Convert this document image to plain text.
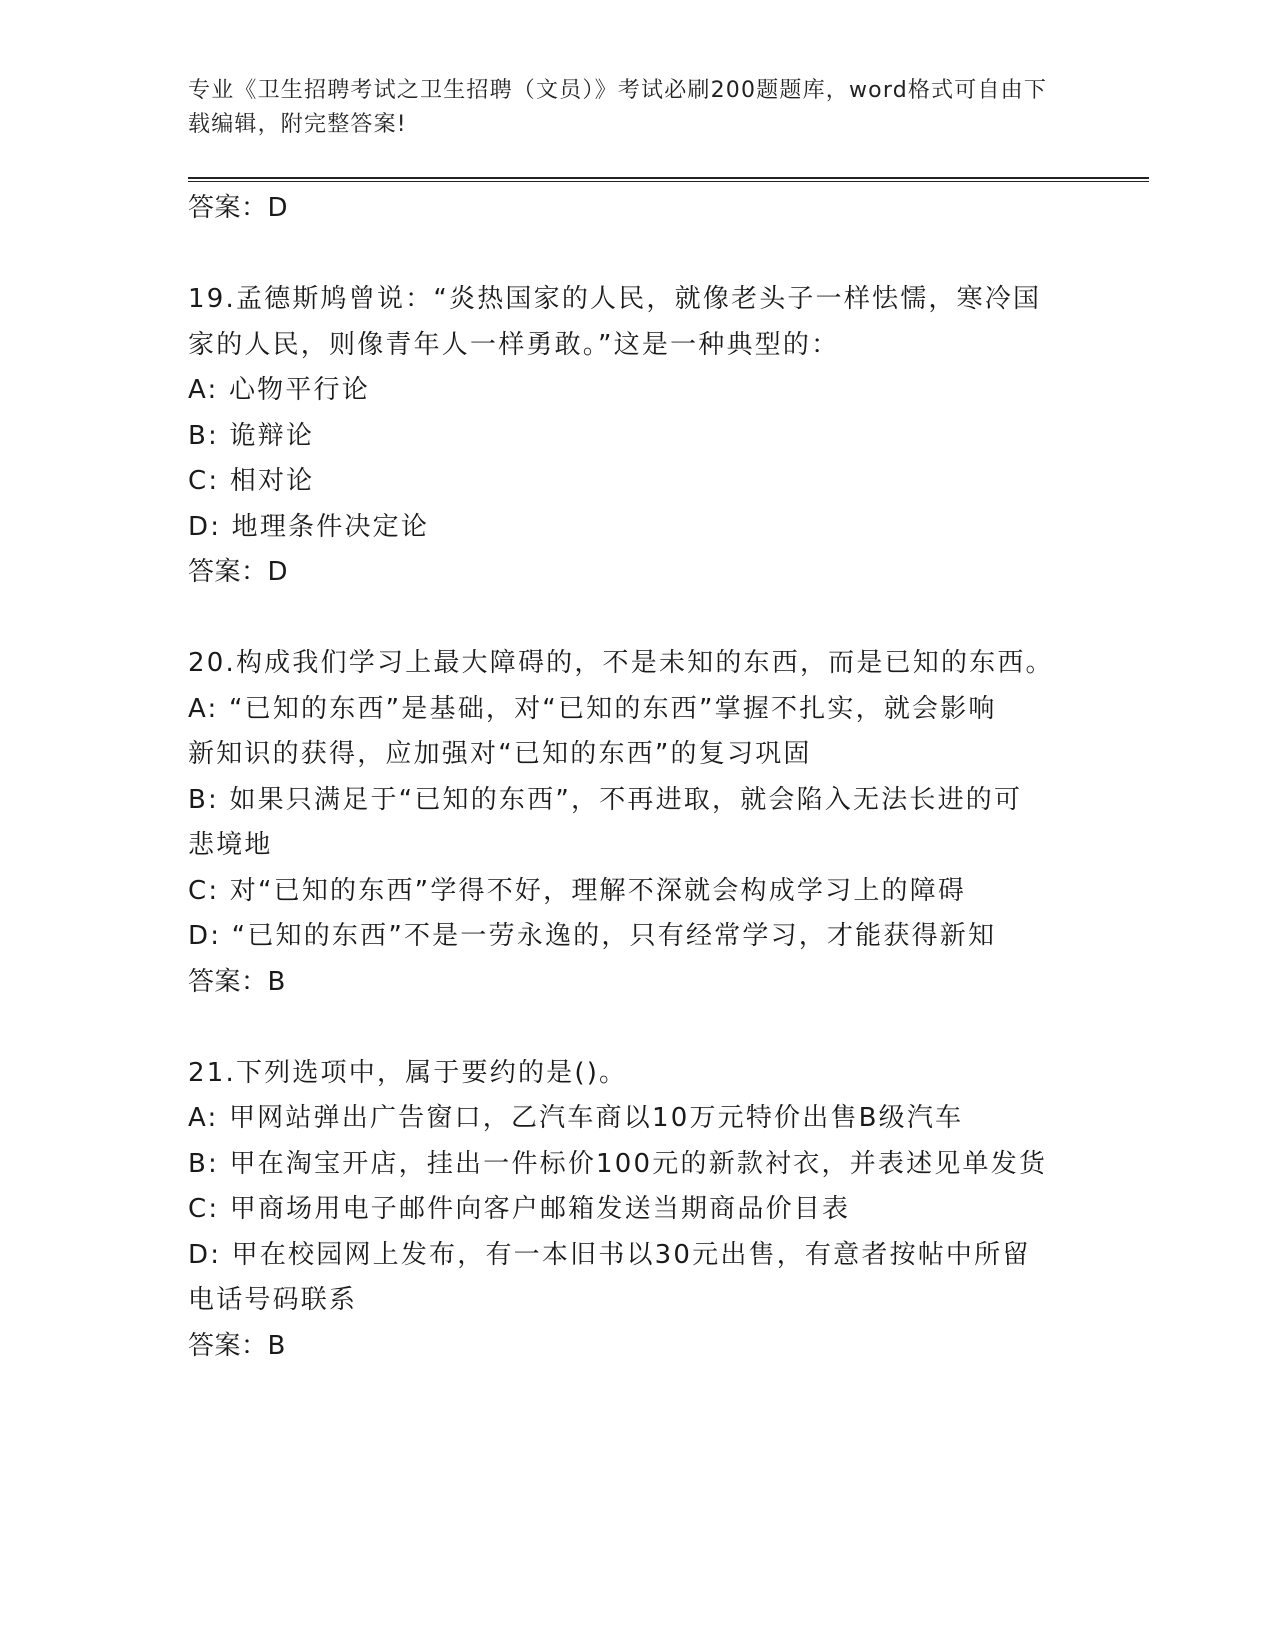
专业《卫生招聘考试之卫生招聘（文员）》考试必刷200题题库，word格式可自由下载编辑，附完整答案!
答案：D
19.孟德斯鸠曾说：“炎热国家的人民，就像老头子一样怯懦，寒冷国
家的人民，则像青年人一样勇敢。”这是一种典型的：
A: 心物平行论
B: 诡辩论
C: 相对论
D: 地理条件决定论
答案：D
20.构成我们学习上最大障碍的，不是未知的东西，而是已知的东西。
A: “已知的东西”是基础，对“已知的东西”掌握不扎实，就会影响
新知识的获得，应加强对“已知的东西”的复习巩固
B: 如果只满足于“已知的东西”，不再进取，就会陷入无法长进的可
悲境地
C: 对“已知的东西”学得不好，理解不深就会构成学习上的障碍
D: “已知的东西”不是一劳永逸的，只有经常学习，才能获得新知
答案：B
21.下列选项中，属于要约的是()。
A: 甲网站弹出广告窗口，乙汽车商以10万元特价出售B级汽车
B: 甲在淘宝开店，挂出一件标价100元的新款衬衣，并表述见单发货
C: 甲商场用电子邮件向客户邮箱发送当期商品价目表
D: 甲在校园网上发布，有一本旧书以30元出售，有意者按帖中所留
电话号码联系
答案：B
